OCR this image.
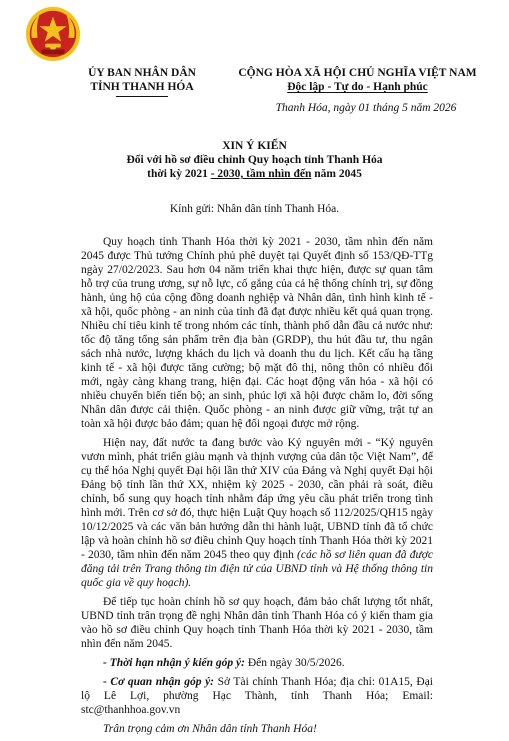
ỦY BAN NHÂN DÂN
TỈNH THANH HÓA
CỘNG HÒA XÃ HỘI CHỦ NGHĨA VIỆT NAM
Độc lập - Tự do - Hạnh phúc
Thanh Hóa, ngày 01 tháng 5 năm 2026
XIN Ý KIẾN
Đối với hồ sơ điều chỉnh Quy hoạch tỉnh Thanh Hóa
thời kỳ 2021 - 2030, tầm nhìn đến năm 2045
Kính gửi: Nhân dân tỉnh Thanh Hóa.

Quy hoạch tỉnh Thanh Hóa thời kỳ 2021 - 2030, tầm nhìn đến năm 2045 được Thủ tướng Chính phủ phê duyệt tại Quyết định số 153/QĐ-TTg ngày 27/02/2023. Sau hơn 04 năm triển khai thực hiện, được sự quan tâm hỗ trợ của trung ương, sự nỗ lực, cố gắng của cả hệ thống chính trị, sự đồng hành, ủng hộ của cộng đồng doanh nghiệp và Nhân dân, tình hình kinh tế - xã hội, quốc phòng - an ninh của tỉnh đã đạt được nhiều kết quả quan trọng. Nhiều chỉ tiêu kinh tế trong nhóm các tỉnh, thành phố dẫn đầu cả nước như: tốc độ tăng tổng sản phẩm trên địa bàn (GRDP), thu hút đầu tư, thu ngân sách nhà nước, lượng khách du lịch và doanh thu du lịch. Kết cấu hạ tầng kinh tế - xã hội được tăng cường; bộ mặt đô thị, nông thôn có nhiều đổi mới, ngày càng khang trang, hiện đại. Các hoạt động văn hóa - xã hội có nhiều chuyển biến tiến bộ; an sinh, phúc lợi xã hội được chăm lo, đời sống Nhân dân được cải thiện. Quốc phòng - an ninh được giữ vững, trật tự an toàn xã hội được bảo đảm; quan hệ đối ngoại được mở rộng.

Hiện nay, đất nước ta đang bước vào Kỷ nguyên mới - “Kỷ nguyên vươn mình, phát triển giàu mạnh và thịnh vượng của dân tộc Việt Nam”, để cụ thể hóa Nghị quyết Đại hội lần thứ XIV của Đảng và Nghị quyết Đại hội Đảng bộ tỉnh lần thứ XX, nhiệm kỳ 2025 - 2030, cần phải rà soát, điều chỉnh, bổ sung quy hoạch tỉnh nhằm đáp ứng yêu cầu phát triển trong tình hình mới. Trên cơ sở đó, thực hiện Luật Quy hoạch số 112/2025/QH15 ngày 10/12/2025 và các văn bản hướng dẫn thi hành luật, UBND tỉnh đã tổ chức lập và hoàn chỉnh hồ sơ điều chỉnh Quy hoạch tỉnh Thanh Hóa thời kỳ 2021 - 2030, tầm nhìn đến năm 2045 theo quy định (các hồ sơ liên quan đã được đăng tải trên Trang thông tin điện tử của UBND tỉnh và Hệ thống thông tin quốc gia về quy hoạch).

Để tiếp tục hoàn chỉnh hồ sơ quy hoạch, đảm bảo chất lượng tốt nhất, UBND tỉnh trân trọng đề nghị Nhân dân tỉnh Thanh Hóa có ý kiến tham gia vào hồ sơ điều chỉnh Quy hoạch tỉnh Thanh Hóa thời kỳ 2021 - 2030, tầm nhìn đến năm 2045.

- Thời hạn nhận ý kiến góp ý: Đến ngày 30/5/2026.

- Cơ quan nhận góp ý: Sở Tài chính Thanh Hóa; địa chỉ: 01A15, Đại lộ Lê Lợi, phường Hạc Thành, tỉnh Thanh Hóa; Email: stc@thanhhoa.gov.vn

Trân trọng cảm ơn Nhân dân tỉnh Thanh Hóa!
